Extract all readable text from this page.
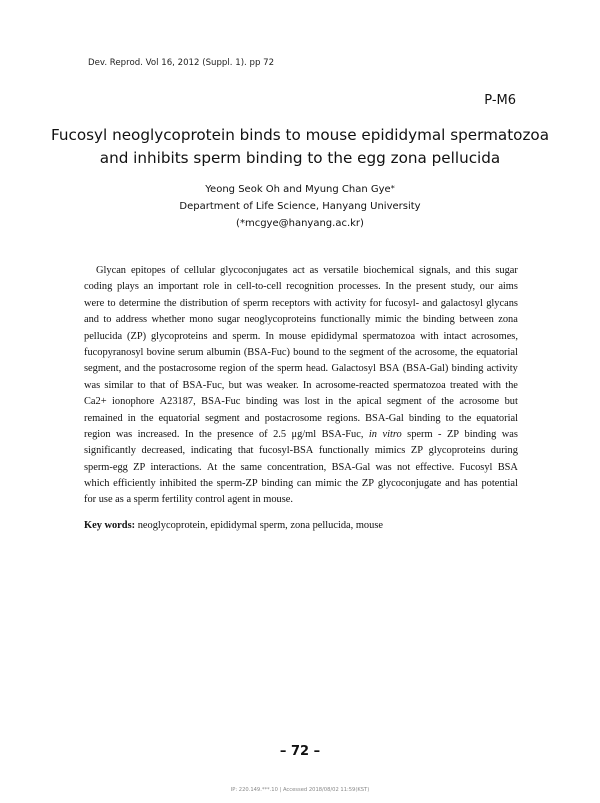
Dev. Reprod. Vol 16, 2012 (Suppl. 1). pp 72
P-M6
Fucosyl neoglycoprotein binds to mouse epididymal spermatozoa
and inhibits sperm binding to the egg zona pellucida
Yeong Seok Oh and Myung Chan Gye*
Department of Life Science, Hanyang University
(*mcgye@hanyang.ac.kr)
Glycan epitopes of cellular glycoconjugates act as versatile biochemical signals, and this sugar
coding plays an important role in cell-to-cell recognition processes. In the present study, our aims
were to determine the distribution of sperm receptors with activity for fucosyl- and galactosyl glycans
and to address whether mono sugar neoglycoproteins functionally mimic the binding between zona
pellucida (ZP) glycoproteins and sperm. In mouse epididymal spermatozoa with intact acrosomes,
fucopyranosyl bovine serum albumin (BSA-Fuc) bound to the segment of the acrosome, the equatorial
segment, and the postacrosome region of the sperm head. Galactosyl BSA (BSA-Gal) binding activity
was similar to that of BSA-Fuc, but was weaker. In acrosome-reacted spermatozoa treated with the
Ca2+ ionophore A23187, BSA-Fuc binding was lost in the apical segment of the acrosome but
remained in the equatorial segment and postacrosome regions. BSA-Gal binding to the equatorial
region was increased. In the presence of 2.5 μg/ml BSA-Fuc, in vitro sperm - ZP binding was
significantly decreased, indicating that fucosyl-BSA functionally mimics ZP glycoproteins during
sperm-egg ZP interactions. At the same concentration, BSA-Gal was not effective. Fucosyl BSA
which efficiently inhibited the sperm-ZP binding can mimic the ZP glycoconjugate and has potential
for use as a sperm fertility control agent in mouse.
Key words: neoglycoprotein, epididymal sperm, zona pellucida, mouse
– 72 –
IP: 220.149.***.10 | Accessed 2018/08/02 11:59(KST)
